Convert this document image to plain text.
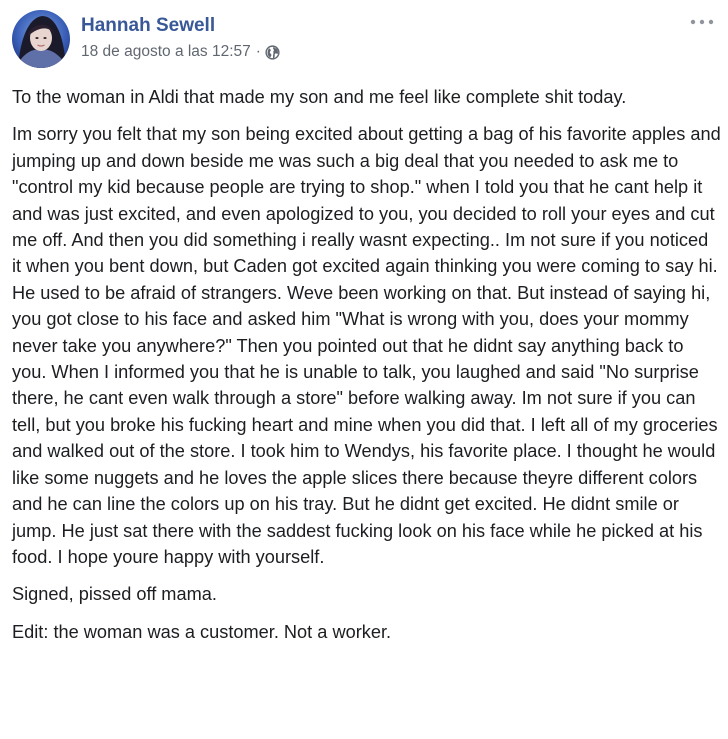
Hannah Sewell
18 de agosto a las 12:57 ·

To the woman in Aldi that made my son and me feel like complete shit today.

Im sorry you felt that my son being excited about getting a bag of his favorite apples and jumping up and down beside me was such a big deal that you needed to ask me to "control my kid because people are trying to shop." when I told you that he cant help it and was just excited, and even apologized to you, you decided to roll your eyes and cut me off. And then you did something i really wasnt expecting.. Im not sure if you noticed it when you bent down, but Caden got excited again thinking you were coming to say hi. He used to be afraid of strangers. Weve been working on that. But instead of saying hi, you got close to his face and asked him "What is wrong with you, does your mommy never take you anywhere?" Then you pointed out that he didnt say anything back to you. When I informed you that he is unable to talk, you laughed and said "No surprise there, he cant even walk through a store" before walking away. Im not sure if you can tell, but you broke his fucking heart and mine when you did that. I left all of my groceries and walked out of the store. I took him to Wendys, his favorite place. I thought he would like some nuggets and he loves the apple slices there because theyre different colors and he can line the colors up on his tray. But he didnt get excited. He didnt smile or jump. He just sat there with the saddest fucking look on his face while he picked at his food. I hope youre happy with yourself.

Signed, pissed off mama.

Edit: the woman was a customer. Not a worker.
